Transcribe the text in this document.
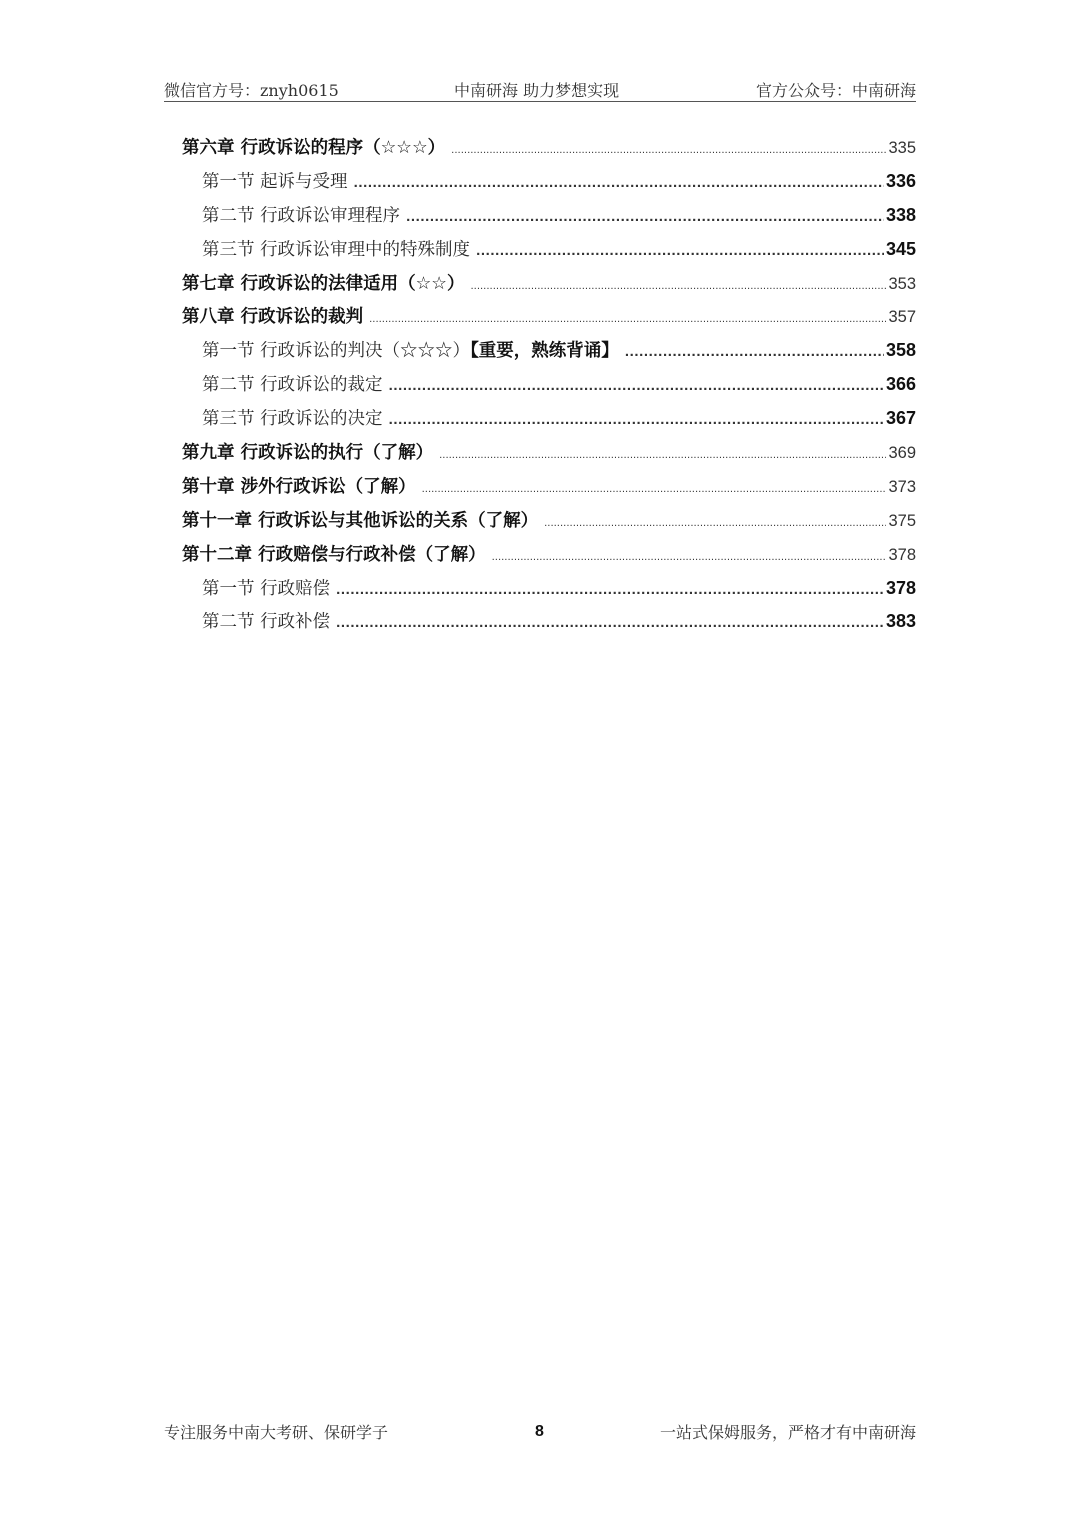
微信官方号：znyh0615	中南研海 助力梦想实现	官方公众号：中南研海
第六章 行政诉讼的程序（☆☆☆） .....	335
第一节 起诉与受理 .....	336
第二节 行政诉讼审理程序 .....	338
第三节 行政诉讼审理中的特殊制度 .....	345
第七章 行政诉讼的法律适用（☆☆） .....	353
第八章 行政诉讼的裁判 .....	357
第一节 行政诉讼的判决（☆☆☆）【重要，熟练背诵】 .....	358
第二节 行政诉讼的裁定 .....	366
第三节 行政诉讼的决定 .....	367
第九章 行政诉讼的执行（了解） .....	369
第十章 涉外行政诉讼（了解） .....	373
第十一章 行政诉讼与其他诉讼的关系（了解） .....	375
第十二章 行政赔偿与行政补偿（了解） .....	378
第一节 行政赔偿 .....	378
第二节 行政补偿 .....	383
专注服务中南大考研、保研学子	8	一站式保姆服务，严格才有中南研海
